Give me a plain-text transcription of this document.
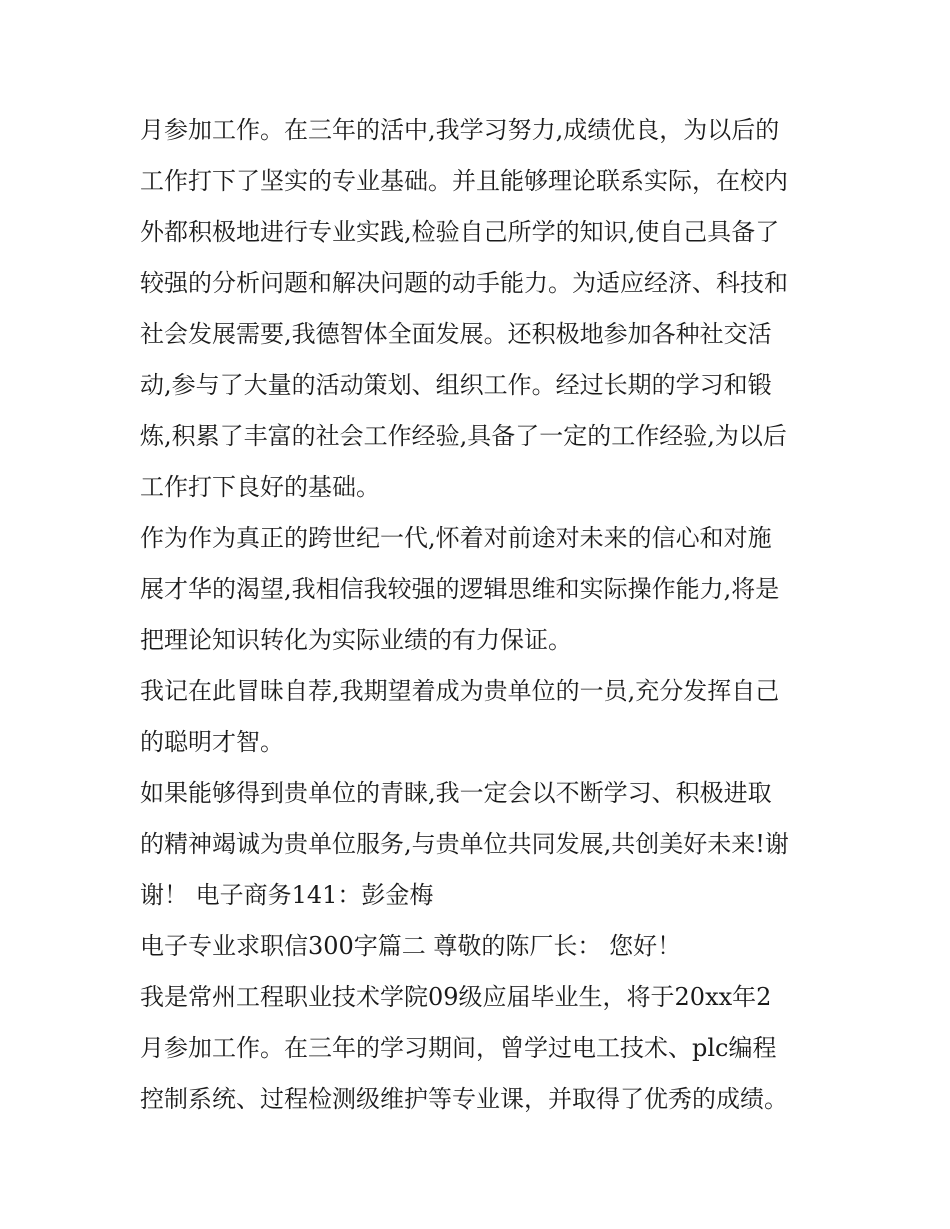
月参加工作。在三年的活中,我学习努力,成绩优良，为以后的
工作打下了坚实的专业基础。并且能够理论联系实际，在校内
外都积极地进行专业实践,检验自己所学的知识,使自己具备了
较强的分析问题和解决问题的动手能力。为适应经济、科技和
社会发展需要,我德智体全面发展。还积极地参加各种社交活
动,参与了大量的活动策划、组织工作。经过长期的学习和锻
炼,积累了丰富的社会工作经验,具备了一定的工作经验,为以后
工作打下良好的基础。
作为作为真正的跨世纪一代,怀着对前途对未来的信心和对施
展才华的渴望,我相信我较强的逻辑思维和实际操作能力,将是
把理论知识转化为实际业绩的有力保证。
我记在此冒昧自荐,我期望着成为贵单位的一员,充分发挥自己
的聪明才智。
如果能够得到贵单位的青睐,我一定会以不断学习、积极进取
的精神竭诚为贵单位服务,与贵单位共同发展,共创美好未来!谢
谢！ 电子商务141：彭金梅
电子专业求职信300字篇二 尊敬的陈厂长： 您好！
我是常州工程职业技术学院09级应届毕业生，将于20xx年2
月参加工作。在三年的学习期间，曾学过电工技术、plc编程
控制系统、过程检测级维护等专业课，并取得了优秀的成绩。
